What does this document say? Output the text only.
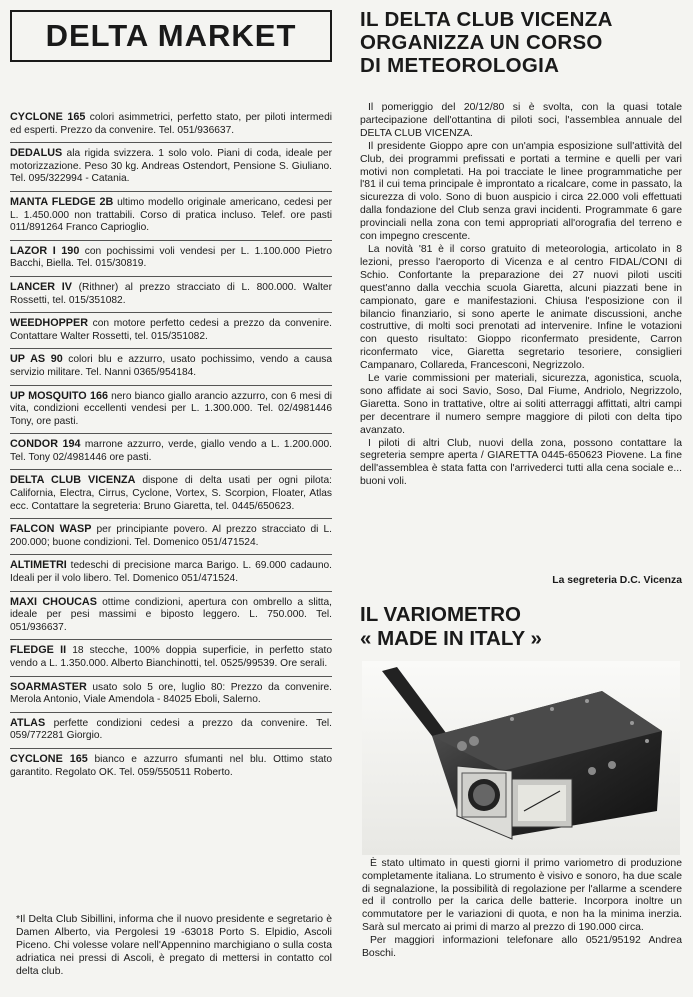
DELTA MARKET
CYCLONE 165 colori asimmetrici, perfetto stato, per piloti intermedi ed esperti. Prezzo da convenire. Tel. 051/936637.
DEDALUS ala rigida svizzera. 1 solo volo. Piani di coda, ideale per motorizzazione. Peso 30 kg. Andreas Ostendort, Pensione S. Giuliano. Tel. 095/322994 - Catania.
MANTA FLEDGE 2B ultimo modello originale americano, cedesi per L. 1.450.000 non trattabili. Corso di pratica incluso. Telef. ore pasti 011/891264 Franco Caprioglio.
LAZOR I 190 con pochissimi voli vendesi per L. 1.100.000 Pietro Bacchi, Biella. Tel. 015/30819.
LANCER IV (Rithner) al prezzo stracciato di L. 800.000. Walter Rossetti, tel. 015/351082.
WEEDHOPPER con motore perfetto cedesi a prezzo da convenire. Contattare Walter Rossetti, tel. 015/351082.
UP AS 90 colori blu e azzurro, usato pochissimo, vendo a causa servizio militare. Tel. Nanni 0365/954184.
UP MOSQUITO 166 nero bianco giallo arancio azzurro, con 6 mesi di vita, condizioni eccellenti vendesi per L. 1.300.000. Tel. 02/4981446 Tony, ore pasti.
CONDOR 194 marrone azzurro, verde, giallo vendo a L. 1.200.000. Tel. Tony 02/4981446 ore pasti.
DELTA CLUB VICENZA dispone di delta usati per ogni pilota: California, Electra, Cirrus, Cyclone, Vortex, S. Scorpion, Floater, Atlas ecc. Contattare la segreteria: Bruno Giaretta, tel. 0445/650623.
FALCON WASP per principiante povero. Al prezzo stracciato di L. 200.000; buone condizioni. Tel. Domenico 051/471524.
ALTIMETRI tedeschi di precisione marca Barigo. L. 69.000 cadauno. Ideali per il volo libero. Tel. Domenico 051/471524.
MAXI CHOUCAS ottime condizioni, apertura con ombrello a slitta, ideale per pesi massimi e biposto leggero. L. 750.000. Tel. 051/936637.
FLEDGE II 18 stecche, 100% doppia superficie, in perfetto stato vendo a L. 1.350.000. Alberto Bianchinotti, tel. 0525/99539. Ore serali.
SOARMASTER usato solo 5 ore, luglio 80: Prezzo da convenire. Merola Antonio, Viale Amendola - 84025 Eboli, Salerno.
ATLAS perfette condizioni cedesi a prezzo da convenire. Tel. 059/772281 Giorgio.
CYCLONE 165 bianco e azzurro sfumanti nel blu. Ottimo stato garantito. Regolato OK. Tel. 059/550511 Roberto.
*Il Delta Club Sibillini, informa che il nuovo presidente e segretario è Damen Alberto, via Pergolesi 19 -63018 Porto S. Elpidio, Ascoli Piceno. Chi volesse volare nell'Appennino marchigiano o sulla costa adriatica nei pressi di Ascoli, è pregato di mettersi in contatto col delta club.
IL DELTA CLUB VICENZA
ORGANIZZA UN CORSO
DI METEOROLOGIA

Il pomeriggio del 20/12/80 si è svolta, con la quasi totale partecipazione dell'ottantina di piloti soci, l'assemblea annuale del DELTA CLUB VICENZA.

Il presidente Gioppo apre con un'ampia esposizione sull'attività del Club, dei programmi prefissati e portati a termine e quelli per vari motivi non completati. Ha poi tracciate le linee programmatiche per l'81 il cui tema principale è improntato a ricalcare, come in passato, la sicurezza di volo. Sono di buon auspicio i circa 22.000 voli effettuati dalla fondazione del Club senza gravi incidenti. Programmate 6 gare provinciali nella zona con temi appropriati all'orografia del terreno e con impegno crescente.

La novità '81 è il corso gratuito di meteorologia, articolato in 8 lezioni, presso l'aeroporto di Vicenza e al centro FIDAL/CONI di Schio. Confortante la preparazione dei 27 nuovi piloti usciti quest'anno dalla vecchia scuola Giaretta, alcuni piazzati bene in campionato, gare e manifestazioni. Chiusa l'esposizione con il bilancio finanziario, si sono aperte le animate discussioni, anche costruttive, di molti soci prenotati ad intervenire. Infine le votazioni con questo risultato: Gioppo riconfermato presidente, Carron riconfermato vice, Giaretta segretario tesoriere, consiglieri Campanaro, Collareda, Francesconi, Negrizzolo.

Le varie commissioni per materiali, sicurezza, agonistica, scuola, sono affidate ai soci Savio, Soso, Dal Fiume, Andriolo, Negrizzolo, Giaretta. Sono in trattative, oltre ai soliti atterraggi affittati, altri campi per decentrare il numero sempre maggiore di piloti con delta tipo avanzato.

I piloti di altri Club, nuovi della zona, possono contattare la segreteria sempre aperta / GIARETTA 0445-650623 Piovene. La fine dell'assemblea è stata fatta con l'arrivederci tutti alla cena sociale e... buoni voli.

La segreteria D.C. Vicenza
IL VARIOMETRO
« MADE IN ITALY »

È stato ultimato in questi giorni il primo variometro di produzione completamente italiana. Lo strumento è visivo e sonoro, ha due scale di segnalazione, la possibilità di regolazione per l'allarme a scendere ed il controllo per la carica delle batterie. Incorpora inoltre un commutatore per le variazioni di quota, e non ha la minima inerzia. Sarà sul mercato ai primi di marzo al prezzo di 190.000 circa.

Per maggiori informazioni telefonare allo 0521/95192 Andrea Boschi.
